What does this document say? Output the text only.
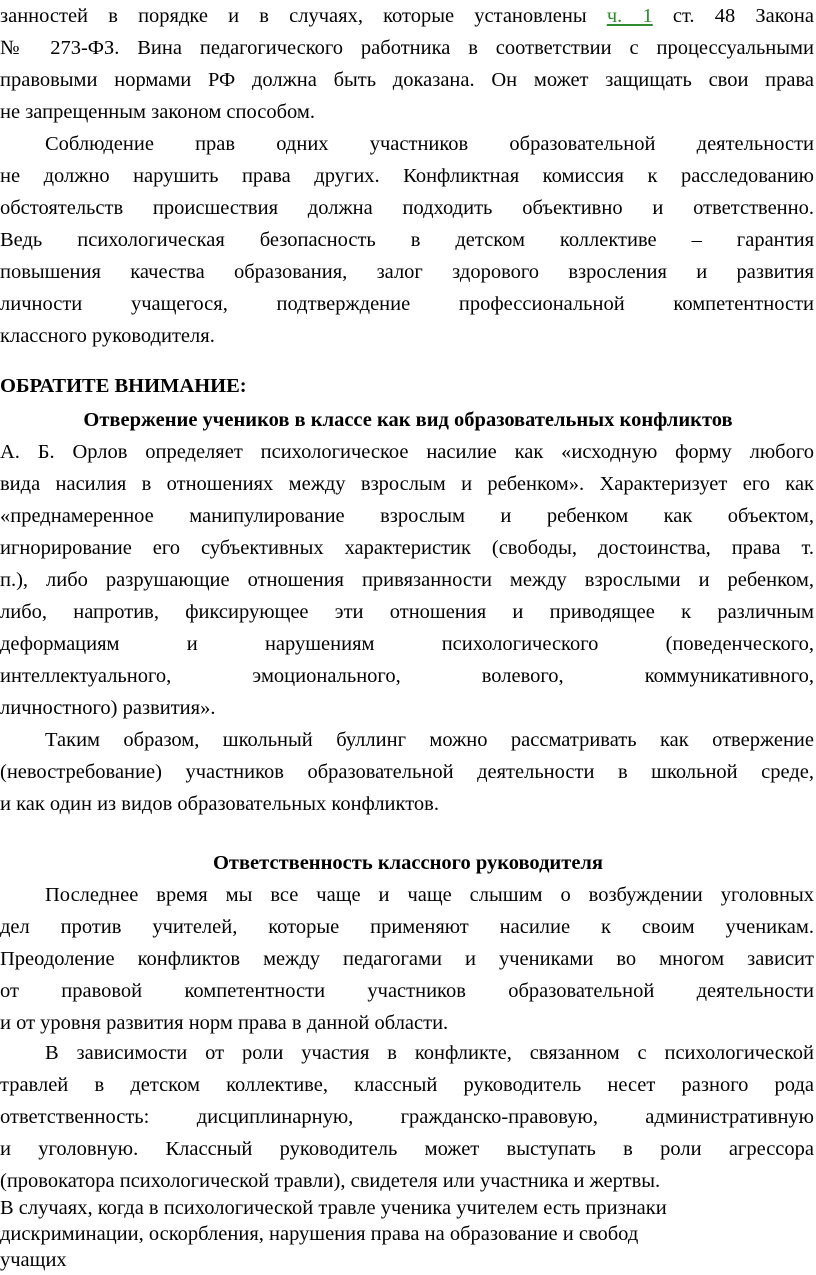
занностей в порядке и в случаях, которые установлены ч. 1 ст. 48 Закона

№ 273-ФЗ. Вина педагогического работника в соответствии с процессуальными

правовыми нормами РФ должна быть доказана. Он может защищать свои права

не запрещенным законом способом.

Соблюдение прав одних участников образовательной деятельности

не должно нарушить права других. Конфликтная комиссия к расследованию

обстоятельств происшествия должна подходить объективно и ответственно.

Ведь психологическая безопасность в детском коллективе – гарантия

повышения качества образования, залог здорового взросления и развития

личности учащегося, подтверждение профессиональной компетентности

классного руководителя.

ОБРАТИТЕ ВНИМАНИЕ:
Отвержение учеников в классе как вид образовательных конфликтов

А. Б. Орлов определяет психологическое насилие как «исходную форму любого

вида насилия в отношениях между взрослым и ребенком». Характеризует его как

«преднамеренное манипулирование взрослым и ребенком как объектом,

игнорирование его субъективных характеристик (свободы, достоинства, права т.

п.), либо разрушающие отношения привязанности между взрослыми и ребенком,

либо, напротив, фиксирующее эти отношения и приводящее к различным

деформациям и нарушениям психологического (поведенческого,

интеллектуального, эмоционального, волевого, коммуникативного,

личностного) развития».

Таким образом, школьный буллинг можно рассматривать как отвержение

(невостребование) участников образовательной деятельности в школьной среде,

и как один из видов образовательных конфликтов.

Ответственность классного руководителя

Последнее время мы все чаще и чаще слышим о возбуждении уголовных

дел против учителей, которые применяют насилие к своим ученикам.

Преодоление конфликтов между педагогами и учениками во многом зависит

от правовой компетентности участников образовательной деятельности

и от уровня развития норм права в данной области.

В зависимости от роли участия в конфликте, связанном с психологической

травлей в детском коллективе, классный руководитель несет разного рода

ответственность: дисциплинарную, гражданско-правовую, административную

и уголовную. Классный руководитель может выступать в роли агрессора

(провокатора психологической травли), свидетеля или участника и жертвы.

В случаях, когда в психологической травле ученика учителем есть признаки
дискриминации, оскорбления, нарушения права на образование и свобод
учащих
